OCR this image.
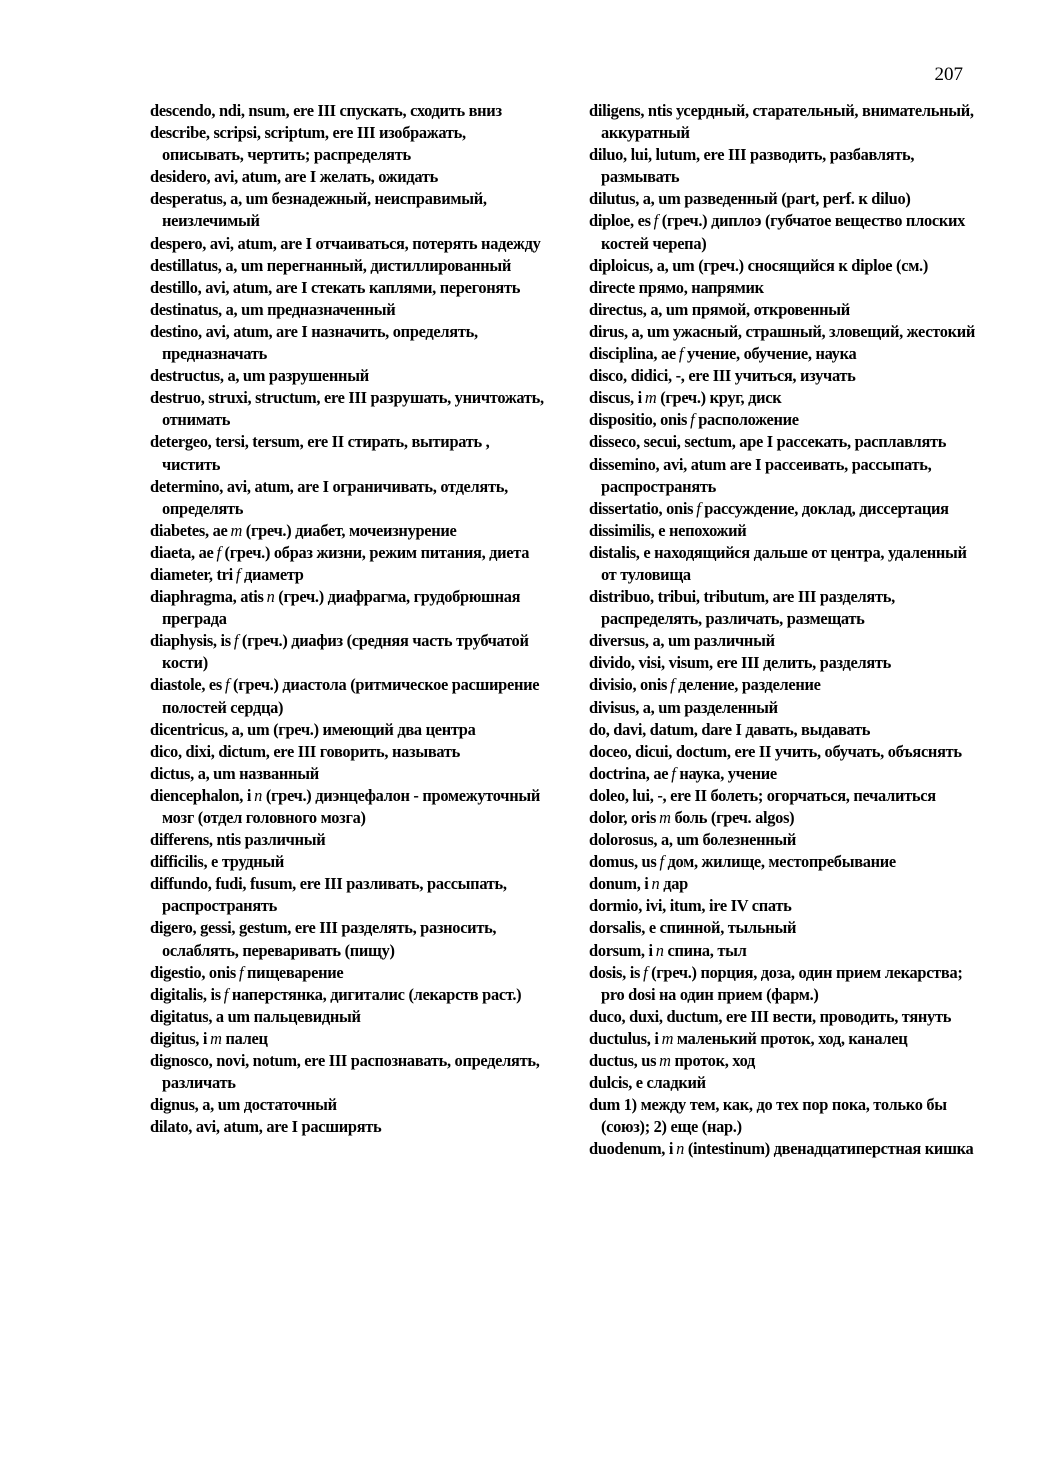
207

descendo, ndi, nsum, ere III спускать, сходить вниз

describe, scripsi, scriptum, ere III изображать, описывать, чертить; распределять

desidero, avi, atum, are I желать, ожидать

desperatus, a, um безнадежный, неисправимый, неизлечимый

despero, avi, atum, are I отчаиваться, потерять надежду

destillatus, a, um перегнанный, дистиллированный

destillo, avi, atum, are I стекать каплями, перегонять

destinatus, a, um предназначенный

destino, avi, atum, are I назначить, определять, предназначать

destructus, a, um разрушенный

destruo, struxi, structum, ere III разрушать, уничтожать, отнимать

detergeo, tersi, tersum, ere II стирать, вытирать , чистить

determino, avi, atum, are I ограничивать, отделять, определять

diabetes, ae m (греч.) диабет, мочеизнурение

diaeta, ae f (греч.) образ жизни, режим питания, диета

diameter, tri f диаметр

diaphragma, atis n (греч.) диафрагма, грудобрюшная преграда

diaphysis, is f (греч.) диафиз (средняя часть трубчатой кости)

diastole, es f (греч.) диастола (ритмическое расширение полостей сердца)

dicentricus, a, um (греч.) имеющий два центра

dico, dixi, dictum, ere III говорить, называть

dictus, a, um названный

diencephalon, i n (греч.) диэнцефалон - промежуточный мозг (отдел головного мозга)

differens, ntis различный

difficilis, e трудный

diffundo, fudi, fusum, ere III разливать, рассыпать, распространять

digero, gessi, gestum, ere III разделять, разносить, ослаблять, переваривать (пищу)

digestio, onis f пищеварение

digitalis, is f наперстянка, дигиталис (лекарств раст.)

digitatus, a um пальцевидный

digitus, i m палец

dignosco, novi, notum, ere III распознавать, определять, различать

dignus, a, um достаточный

dilato, avi, atum, are I расширять

diligens, ntis усердный, старательный, внимательный, аккуратный

diluo, lui, lutum, ere III разводить, разбавлять, размывать

dilutus, a, um разведенный (part, perf. к diluo)

diploe, es f (греч.) диплоэ (губчатое вещество плоских костей черепа)

diploicus, a, um (греч.) сносящийся к diploe (см.)

directe прямо, напрямик

directus, a, um прямой, откровенный

dirus, a, um ужасный, страшный, зловещий, жестокий

disciplina, ae f учение, обучение, наука

disco, didici, -, ere III учиться, изучать

discus, i m (греч.) круг, диск

dispositio, onis f расположение

disseco, secui, sectum, ape I рассекать, расплавлять

dissemino, avi, atum are I рассеивать, рассыпать, распространять

dissertatio, onis f рассуждение, доклад, диссертация

dissimilis, e непохожий

distalis, e находящийся дальше от центра, удаленный от туловища

distribuo, tribui, tributum, are III разделять, распределять, различать, размещать

diversus, a, um различный

divido, visi, visum, ere III делить, разделять

divisio, onis f деление, разделение

divisus, a, um разделенный

do, davi, datum, dare I давать, выдавать

doceo, dicui, doctum, ere II учить, обучать, объяснять

doctrina, ae f наука, учение

doleo, lui, -, ere II болеть; огорчаться, печалиться

dolor, oris m боль (греч. algos)

dolorosus, a, um болезненный

domus, us f дом, жилище, местопребывание

donum, i n дар

dormio, ivi, itum, ire IV спать

dorsalis, e спинной, тыльный

dorsum, i n спина, тыл

dosis, is f (греч.) порция, доза, один прием лекарства; pro dosi на один прием (фарм.)

duco, duxi, ductum, ere III вести, проводить, тянуть

ductulus, i m маленький проток, ход, каналец

ductus, us m проток, ход

dulcis, e сладкий

dum 1) между тем, как, до тех пор пока, только бы (союз); 2) еще (нар.)

duodenum, i n (intestinum) двенадцатиперстная кишка
